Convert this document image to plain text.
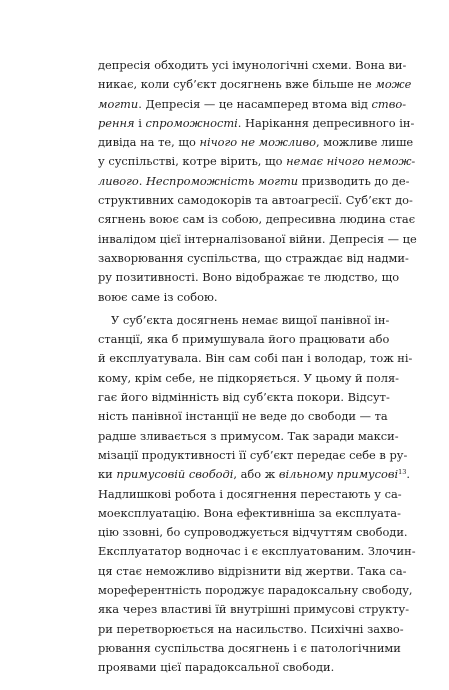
депресія обходить усі імунологічні схеми. Вона ви-
никає, коли суб’єкт досягнень вже більше не може
могти. Депресія — це насамперед втома від ство-
рення і спроможності. Нарікання депресивного ін-
дивіда на те, що нічого не можливо, можливе лише
у суспільстві, котре вірить, що немає нічого немож-
ливого. Неспроможність могти призводить до де-
структивних самодокорів та автоагресії. Суб’єкт до-
сягнень воює сам із собою, депресивна людина стає
інвалідом цієї інтерналізованої війни. Депресія — це
захворювання суспільства, що страждає від надми-
ру позитивності. Воно відображає те людство, що
воює саме із собою.
У суб’єкта досягнень немає вищої панівної ін-
станції, яка б примушувала його працювати або
й експлуатувала. Він сам собі пан і володар, тож ні-
кому, крім себе, не підкоряється. У цьому й поля-
гає його відмінність від суб’єкта покори. Відсут-
ність панівної інстанції не веде до свободи — та
радше зливається з примусом. Так заради макси-
мізації продуктивності її суб’єкт передає себе в ру-
ки примусовій свободі, або ж вільному примусові$^{13}$.
Надлишкові робота і досягнення перестають у са-
моексплуатацію. Вона ефективніша за експлуата-
цію ззовні, бо супроводжується відчуттям свободи.
Експлуататор водночас і є експлуатованим. Злочин-
ця стає неможливо відрізнити від жертви. Така са-
мореферентність породжує парадоксальну свободу,
яка через властиві їй внутрішні примусові структу-
ри перетворюється на насильство. Психічні захво-
рювання суспільства досягнень і є патологічними
проявами цієї парадоксальної свободи.
